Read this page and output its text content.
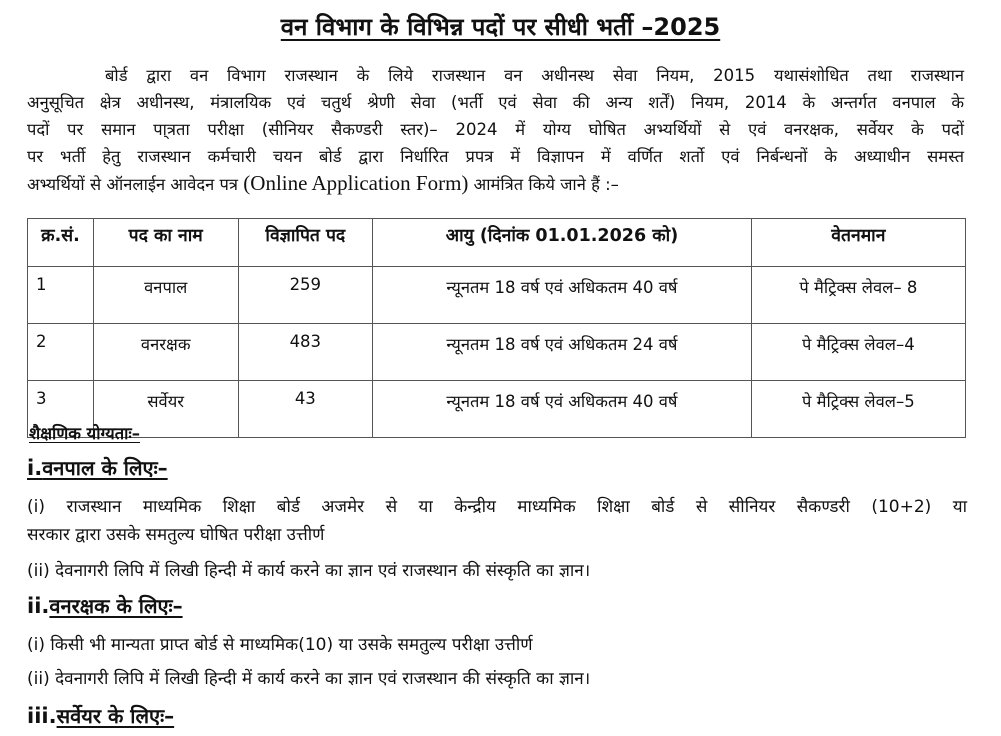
वन विभाग के विभिन्न पदों पर सीधी भर्ती –2025

बोर्ड द्वारा वन विभाग राजस्थान के लिये राजस्थान वन अधीनस्थ सेवा नियम, 2015 यथासंशोधित तथा राजस्थान

अनुसूचित क्षेत्र अधीनस्थ, मंत्रालयिक एवं चतुर्थ श्रेणी सेवा (भर्ती एवं सेवा की अन्य शर्तें) नियम, 2014 के अन्तर्गत वनपाल के

पदों पर समान पा्त्रता परीक्षा (सीनियर सैकण्डरी स्तर)– 2024 में योग्य घोषित अभ्यर्थियों से एवं वनरक्षक, सर्वेयर के पदों

पर भर्ती हेतु राजस्थान कर्मचारी चयन बोर्ड द्वारा निर्धारित प्रपत्र में विज्ञापन में वर्णित शर्तो एवं निर्बन्धनों के अध्याधीन समस्त

अभ्यर्थियों से ऑनलाईन आवेदन पत्र (Online Application Form) आमंत्रित किये जाने हैं :–

क्र.सं.	पद का नाम	विज्ञापित पद	आयु (दिनांक 01.01.2026 को)	वेतनमान
1	वनपाल	259	न्यूनतम 18 वर्ष एवं अधिकतम 40 वर्ष	पे मैट्रिक्स लेवल– 8
2	वनरक्षक	483	न्यूनतम 18 वर्ष एवं अधिकतम 24 वर्ष	पे मैट्रिक्स लेवल–4
3	सर्वेयर	43	न्यूनतम 18 वर्ष एवं अधिकतम 40 वर्ष	पे मैट्रिक्स लेवल–5
शैक्षणिक योग्यताः–
i.वनपाल के लिएः–

(i) राजस्थान माध्यमिक शिक्षा बोर्ड अजमेर से या केन्द्रीय माध्यमिक शिक्षा बोर्ड से सीनियर सैकण्डरी (10+2) या

सरकार द्वारा उसके समतुल्य घोषित परीक्षा उत्तीर्ण

(ii) देवनागरी लिपि में लिखी हिन्दी में कार्य करने का ज्ञान एवं राजस्थान की संस्कृति का ज्ञान।

ii.वनरक्षक के लिएः–

(i) किसी भी मान्यता प्राप्त बोर्ड से माध्यमिक(10) या उसके समतुल्य परीक्षा उत्तीर्ण

(ii) देवनागरी लिपि में लिखी हिन्दी में कार्य करने का ज्ञान एवं राजस्थान की संस्कृति का ज्ञान।

iii.सर्वेयर के लिएः–
